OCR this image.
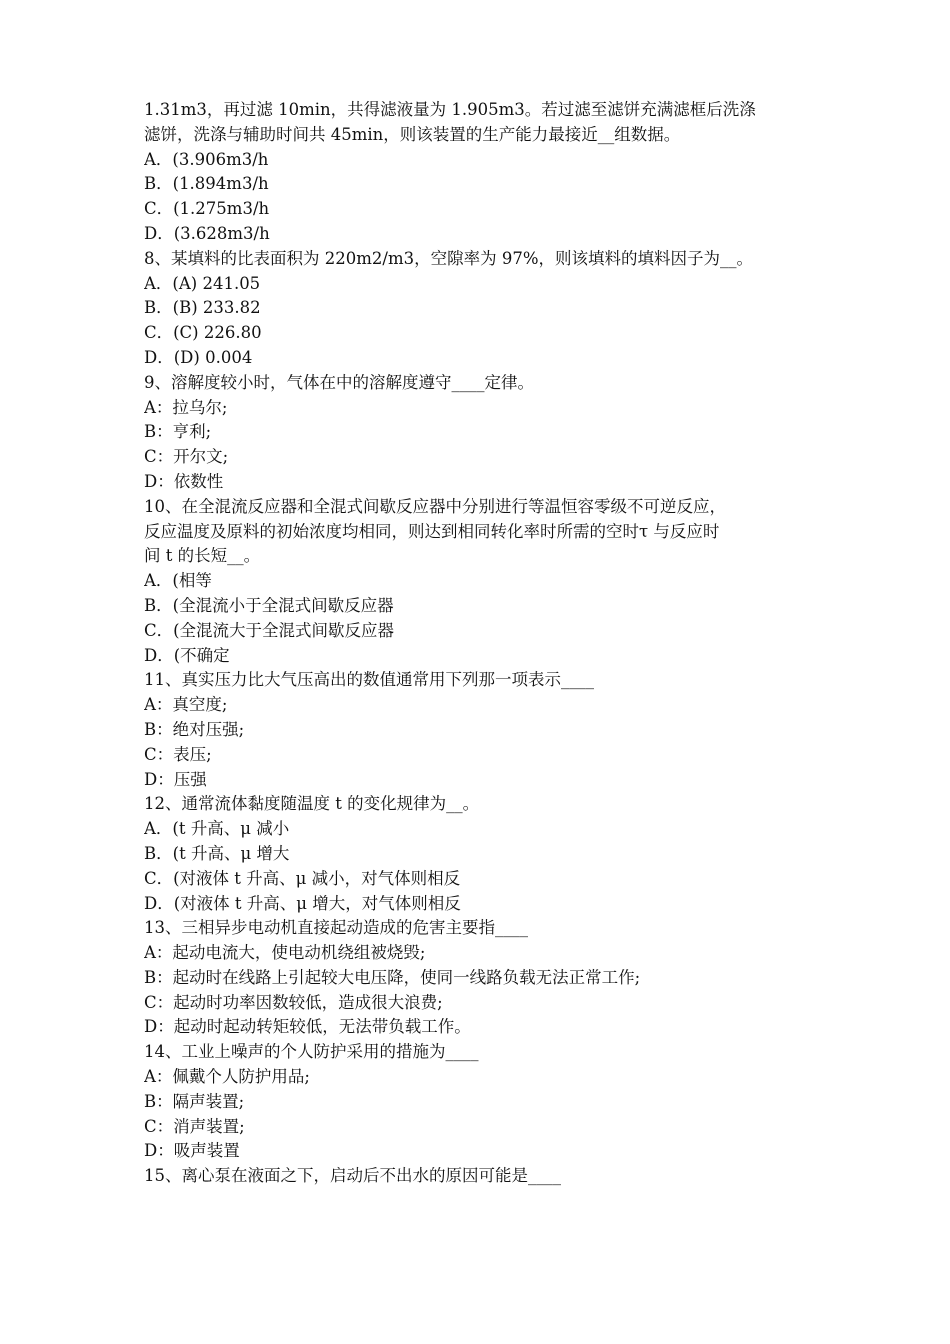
1.31m3，再过滤 10min，共得滤液量为 1.905m3。若过滤至滤饼充满滤框后洗涤
滤饼，洗涤与辅助时间共 45min，则该装置的生产能力最接近__组数据。
A．(3.906m3/h
B．(1.894m3/h
C．(1.275m3/h
D．(3.628m3/h
8、某填料的比表面积为 220m2/m3，空隙率为 97%，则该填料的填料因子为__。
A．(A) 241.05
B．(B) 233.82
C．(C) 226.80
D．(D) 0.004
9、溶解度较小时，气体在中的溶解度遵守____定律。
A：拉乌尔;
B：亨利;
C：开尔文;
D：依数性
10、在全混流反应器和全混式间歇反应器中分别进行等温恒容零级不可逆反应，
反应温度及原料的初始浓度均相同，则达到相同转化率时所需的空时τ 与反应时
间 t 的长短__。
A．(相等
B．(全混流小于全混式间歇反应器
C．(全混流大于全混式间歇反应器
D．(不确定
11、真实压力比大气压高出的数值通常用下列那一项表示____
A：真空度;
B：绝对压强;
C：表压;
D：压强
12、通常流体黏度随温度 t 的变化规律为__。
A．(t 升高、μ 减小
B．(t 升高、μ 增大
C．(对液体 t 升高、μ 减小，对气体则相反
D．(对液体 t 升高、μ 增大，对气体则相反
13、三相异步电动机直接起动造成的危害主要指____
A：起动电流大，使电动机绕组被烧毁;
B：起动时在线路上引起较大电压降，使同一线路负载无法正常工作;
C：起动时功率因数较低，造成很大浪费;
D：起动时起动转矩较低，无法带负载工作。
14、工业上噪声的个人防护采用的措施为____
A：佩戴个人防护用品;
B：隔声装置;
C：消声装置;
D：吸声装置
15、离心泵在液面之下，启动后不出水的原因可能是____
